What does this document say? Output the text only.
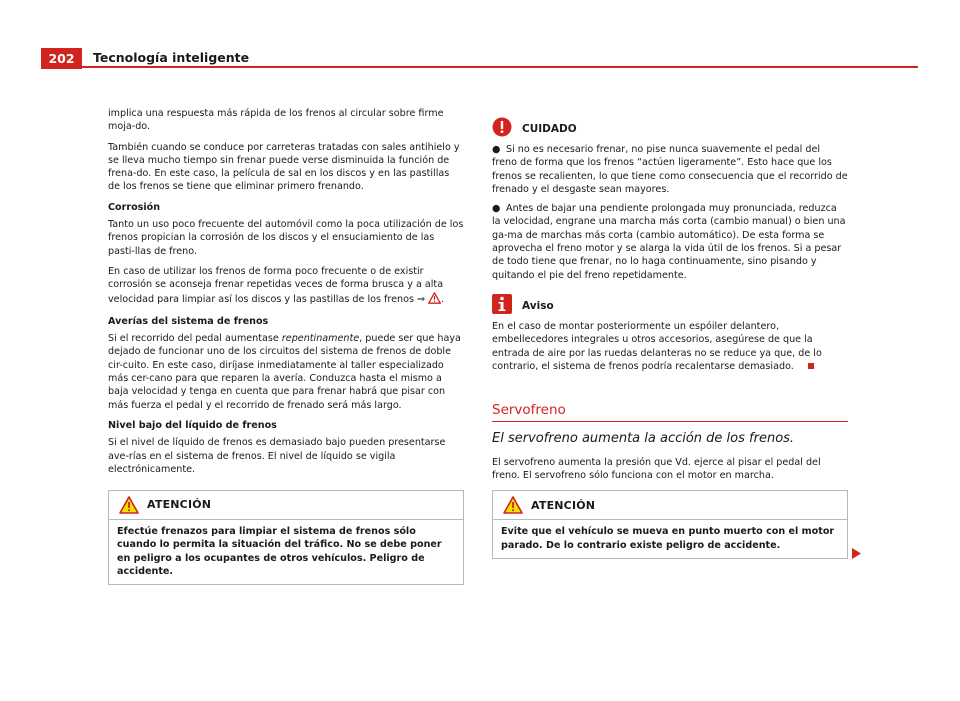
202	Tecnología inteligente

implica una respuesta más rápida de los frenos al circular sobre firme moja-do.

También cuando se conduce por carreteras tratadas con sales antihielo y se lleva mucho tiempo sin frenar puede verse disminuida la función de frena-do. En este caso, la película de sal en los discos y en las pastillas de los frenos se tiene que eliminar primero frenando.

Corrosión

Tanto un uso poco frecuente del automóvil como la poca utilización de los frenos propician la corrosión de los discos y el ensuciamiento de las pasti-llas de freno.

En caso de utilizar los frenos de forma poco frecuente o de existir corrosión se aconseja frenar repetidas veces de forma brusca y a alta velocidad para limpiar así los discos y las pastillas de los frenos ⇒ .

Averías del sistema de frenos

Si el recorrido del pedal aumentase repentinamente, puede ser que haya dejado de funcionar uno de los circuitos del sistema de frenos de doble cir-cuito. En este caso, diríjase inmediatamente al taller especializado más cer-cano para que reparen la avería. Conduzca hasta el mismo a baja velocidad y tenga en cuenta que para frenar habrá que pisar con más fuerza el pedal y el recorrido de frenado será más largo.

Nivel bajo del líquido de frenos

Si el nivel de líquido de frenos es demasiado bajo pueden presentarse ave-rías en el sistema de frenos. El nivel de líquido se vigila electrónicamente.

ATENCIÓN
Efectúe frenazos para limpiar el sistema de frenos sólo cuando lo permita la situación del tráfico. No se debe poner en peligro a los ocupantes de otros vehículos. Peligro de accidente.
CUIDADO

● Si no es necesario frenar, no pise nunca suavemente el pedal del freno de forma que los frenos “actúen ligeramente”. Esto hace que los frenos se recalienten, lo que tiene como consecuencia que el recorrido de frenado y el desgaste sean mayores.

● Antes de bajar una pendiente prolongada muy pronunciada, reduzca la velocidad, engrane una marcha más corta (cambio manual) o bien una ga-ma de marchas más corta (cambio automático). De esta forma se aprovecha el freno motor y se alarga la vida útil de los frenos. Si a pesar de todo tiene que frenar, no lo haga continuamente, sino pisando y quitando el pie del freno repetidamente.

Aviso

En el caso de montar posteriormente un espóiler delantero, embellecedores integrales u otros accesorios, asegúrese de que la entrada de aire por las ruedas delanteras no se reduce ya que, de lo contrario, el sistema de frenos podría recalentarse demasiado.

Servofreno
El servofreno aumenta la acción de los frenos.

El servofreno aumenta la presión que Vd. ejerce al pisar el pedal del freno. El servofreno sólo funciona con el motor en marcha.

ATENCIÓN
Evite que el vehículo se mueva en punto muerto con el motor parado. De lo contrario existe peligro de accidente.
